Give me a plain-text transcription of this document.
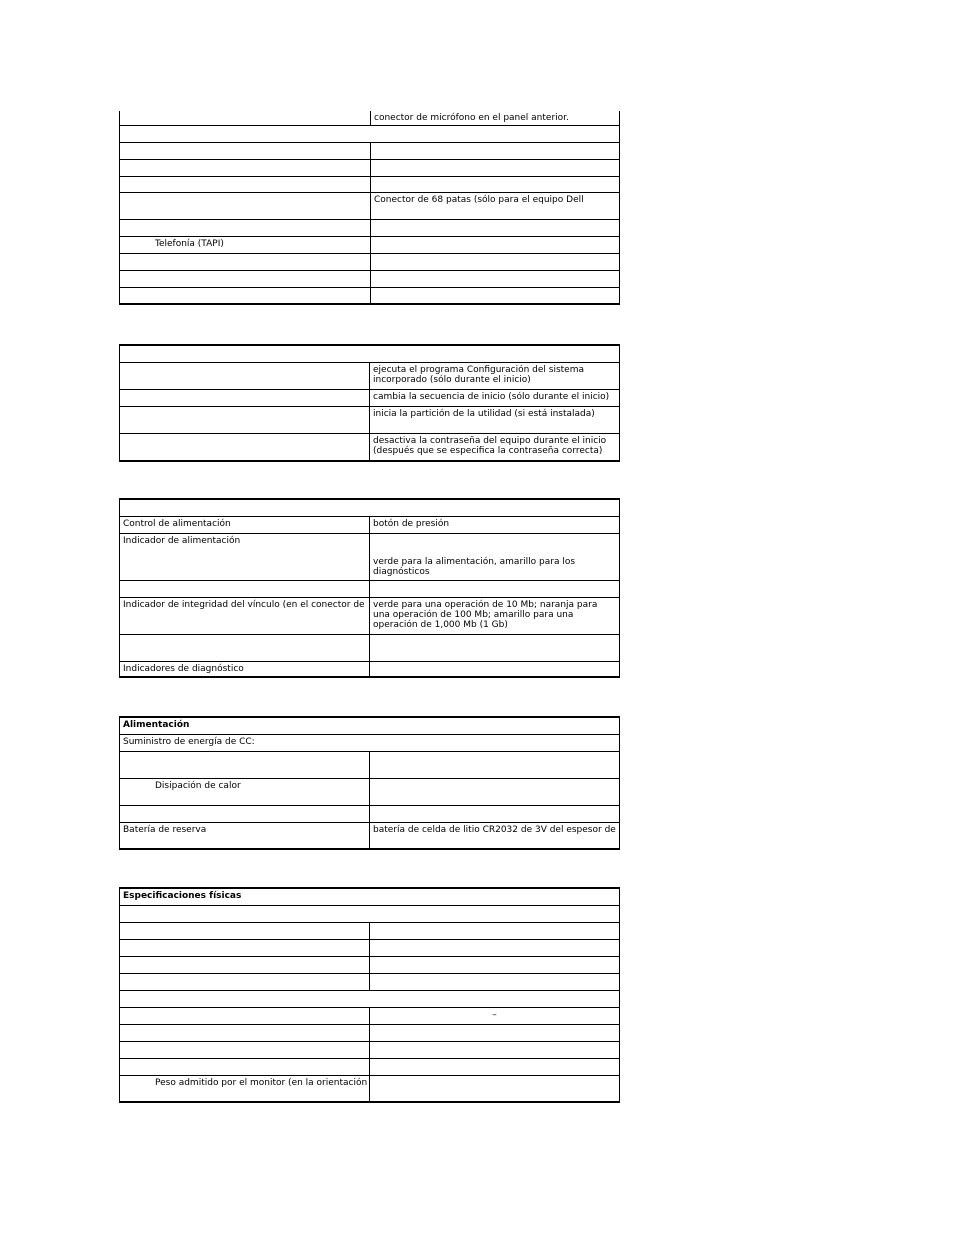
	conector de micrófono en el panel anterior.

	Conector de 68 patas (sólo para el equipo Dell

Telefonía (TAPI)	

	ejecuta el programa Configuración del sistema incorporado (sólo durante el inicio)
	cambia la secuencia de inicio (sólo durante el inicio)
	inicia la partición de la utilidad (si está instalada)
	desactiva la contraseña del equipo durante el inicio (después que se especifica la contraseña correcta)

Control de alimentación	botón de presión
Indicador de alimentación	verde para la alimentación, amarillo para los diagnósticos

Indicador de integridad del vínculo (en el conector de	verde para una operación de 10 Mb; naranja para una operación de 100 Mb; amarillo para una operación de 1,000 Mb (1 Gb)

Indicadores de diagnóstico	
Alimentación	
Suministro de energía de CC:	

Disipación de calor	

Batería de reserva	batería de celda de litio CR2032 de 3V del espesor de
Especificaciones físicas	

	–

Peso admitido por el monitor (en la orientación	
